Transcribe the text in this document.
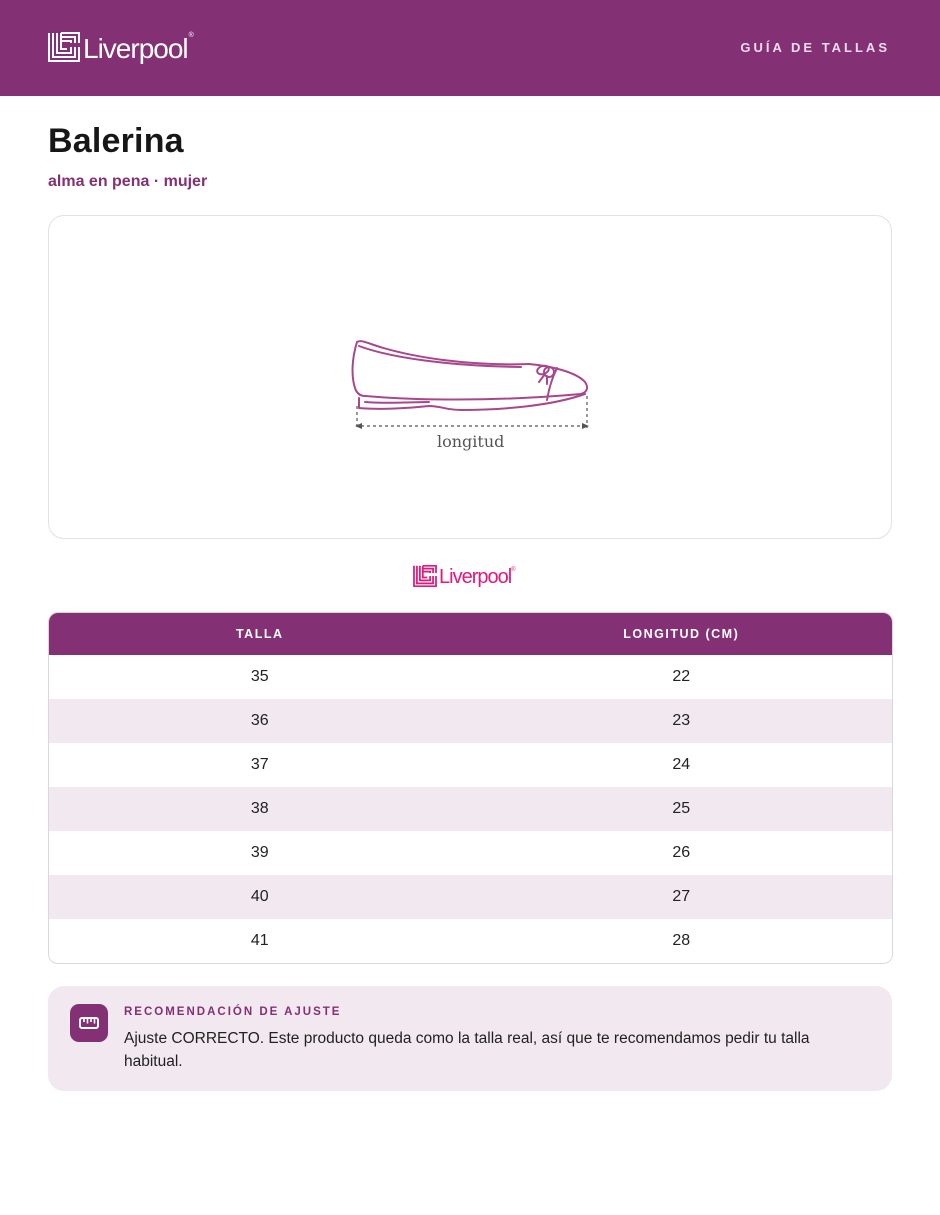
Liverpool ®
GUÍA DE TALLAS
Balerina
alma en pena · mujer
longitud
Liverpool ®
TALLA	LONGITUD (CM)
35	22
36	23
37	24
38	25
39	26
40	27
41	28
RECOMENDACIÓN DE AJUSTE
Ajuste CORRECTO. Este producto queda como la talla real, así que te recomendamos pedir tu talla habitual.
